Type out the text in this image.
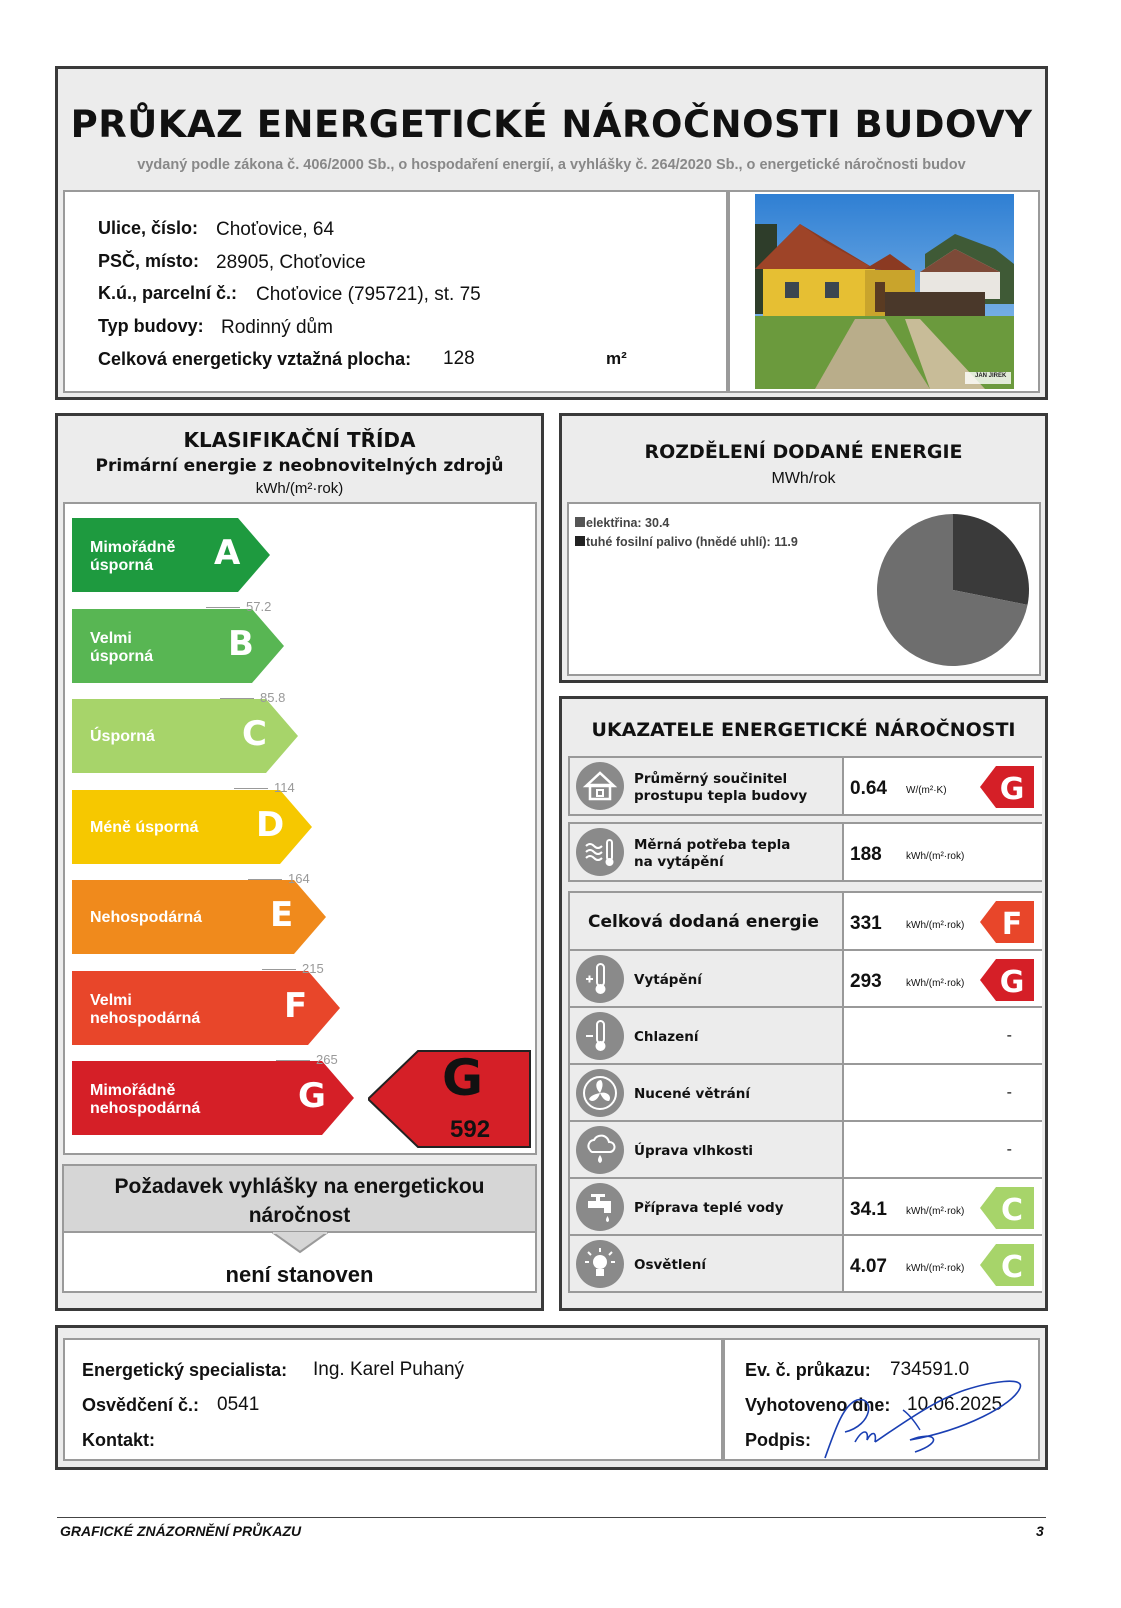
PRŮKAZ ENERGETICKÉ NÁROČNOSTI BUDOVY
vydaný podle zákona č. 406/2000 Sb., o hospodaření energií, a vyhlášky č. 264/2020 Sb., o energetické náročnosti budov
Ulice, číslo: Choťovice, 64
PSČ, místo: 28905, Choťovice
K.ú., parcelní č.: Choťovice (795721), st. 75
Typ budovy: Rodinný dům
Celková energeticky vztažná plocha: 128	m²
JAN JIREK
KLASIFIKAČNÍ TŘÍDA
Primární energie z neobnovitelných zdrojů
kWh/(m²·rok)
Mimořádně
úsporná	A
Velmi
úsporná B
Úsporná	C
Méně úsporná D
Nehospodárná E
Velmi
nehospodárná F
Mimořádně
nehospodárná	G
57.2
85.8
114
164
215
265 G
592
Požadavek vyhlášky na energetickou
náročnost
není stanoven
ROZDĚLENÍ DODANÉ ENERGIE
MWh/rok
elektřina: 30.4
tuhé fosilní palivo (hnědé uhlí): 11.9
UKAZATELE ENERGETICKÉ NÁROČNOSTI
Průměrný součinitel
prostupu tepla budovy 0.64 W/(m²·K) G
Měrná potřeba tepla
na vytápění	188 kWh/(m²·rok)
Celková dodaná energie 331 kWh/(m²·rok) F
Vytápění	293 kWh/(m²·rok) G
Chlazení	-
Nucené větrání	-
Úprava vlhkosti	-
Příprava teplé vody	34.1 kWh/(m²·rok) C
Osvětlení	4.07 kWh/(m²·rok) C
Energetický specialista: Ing. Karel Puhaný
Osvědčení č.: 0541
Kontakt:
Ev. č. průkazu: 734591.0
Vyhotoveno dne: 10.06.2025
Podpis:
GRAFICKÉ ZNÁZORNĚNÍ PRŮKAZU	3
